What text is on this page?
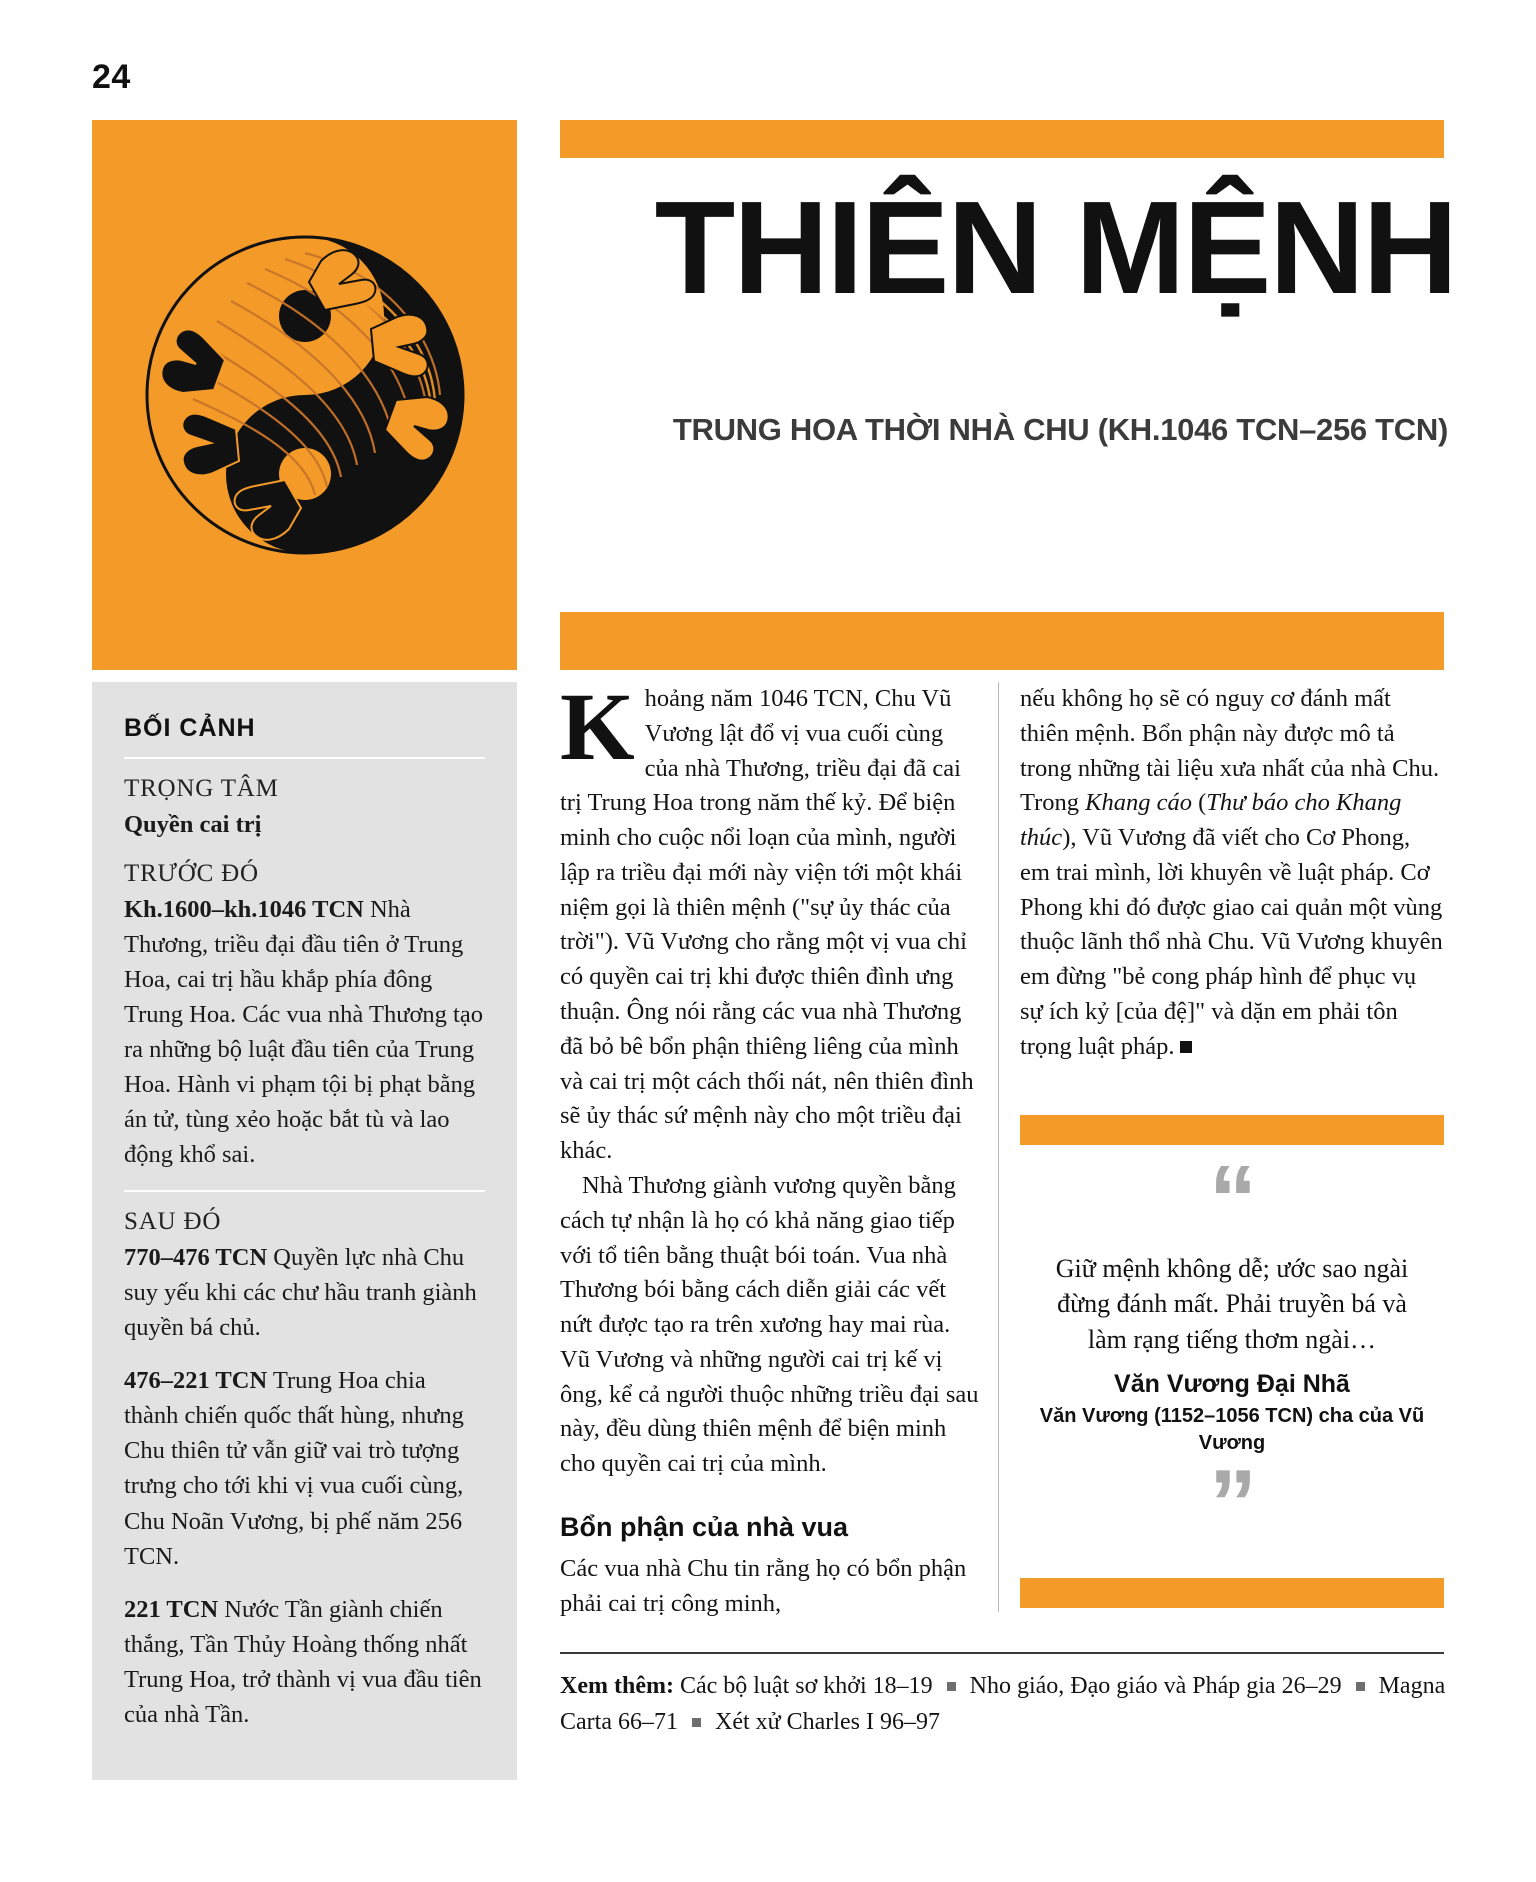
24
THIÊN MỆNH
TRUNG HOA THỜI NHÀ CHU (KH.1046 TCN–256 TCN)
BỐI CẢNH
TRỌNG TÂM

Quyền cai trị

TRƯỚC ĐÓ

Kh.1600–kh.1046 TCN Nhà Thương, triều đại đầu tiên ở Trung Hoa, cai trị hầu khắp phía đông Trung Hoa. Các vua nhà Thương tạo ra những bộ luật đầu tiên của Trung Hoa. Hành vi phạm tội bị phạt bằng án tử, tùng xẻo hoặc bắt tù và lao động khổ sai.

SAU ĐÓ

770–476 TCN Quyền lực nhà Chu suy yếu khi các chư hầu tranh giành quyền bá chủ.

476–221 TCN Trung Hoa chia thành chiến quốc thất hùng, nhưng Chu thiên tử vẫn giữ vai trò tượng trưng cho tới khi vị vua cuối cùng, Chu Noãn Vương, bị phế năm 256 TCN.

221 TCN Nước Tần giành chiến thắng, Tần Thủy Hoàng thống nhất Trung Hoa, trở thành vị vua đầu tiên của nhà Tần.

Khoảng năm 1046 TCN, Chu Vũ Vương lật đổ vị vua cuối cùng của nhà Thương, triều đại đã cai trị Trung Hoa trong năm thế kỷ. Để biện minh cho cuộc nổi loạn của mình, người lập ra triều đại mới này viện tới một khái niệm gọi là thiên mệnh ("sự ủy thác của trời"). Vũ Vương cho rằng một vị vua chỉ có quyền cai trị khi được thiên đình ưng thuận. Ông nói rằng các vua nhà Thương đã bỏ bê bổn phận thiêng liêng của mình và cai trị một cách thối nát, nên thiên đình sẽ ủy thác sứ mệnh này cho một triều đại khác.

Nhà Thương giành vương quyền bằng cách tự nhận là họ có khả năng giao tiếp với tổ tiên bằng thuật bói toán. Vua nhà Thương bói bằng cách diễn giải các vết nứt được tạo ra trên xương hay mai rùa. Vũ Vương và những người cai trị kế vị ông, kể cả người thuộc những triều đại sau này, đều dùng thiên mệnh để biện minh cho quyền cai trị của mình.

Bổn phận của nhà vua

Các vua nhà Chu tin rằng họ có bổn phận phải cai trị công minh,

nếu không họ sẽ có nguy cơ đánh mất thiên mệnh. Bổn phận này được mô tả trong những tài liệu xưa nhất của nhà Chu. Trong Khang cáo (Thư báo cho Khang thúc), Vũ Vương đã viết cho Cơ Phong, em trai mình, lời khuyên về luật pháp. Cơ Phong khi đó được giao cai quản một vùng thuộc lãnh thổ nhà Chu. Vũ Vương khuyên em đừng "bẻ cong pháp hình để phục vụ sự ích kỷ [của đệ]" và dặn em phải tôn trọng luật pháp.

“
Giữ mệnh không dễ; ước sao ngài đừng đánh mất. Phải truyền bá và làm rạng tiếng thơm ngài…
Văn Vương Đại Nhã
Văn Vương (1152–1056 TCN) cha của Vũ Vương
”
Xem thêm: Các bộ luật sơ khởi 18–19 Nho giáo, Đạo giáo và Pháp gia 26–29 Magna Carta 66–71 Xét xử Charles I 96–97
